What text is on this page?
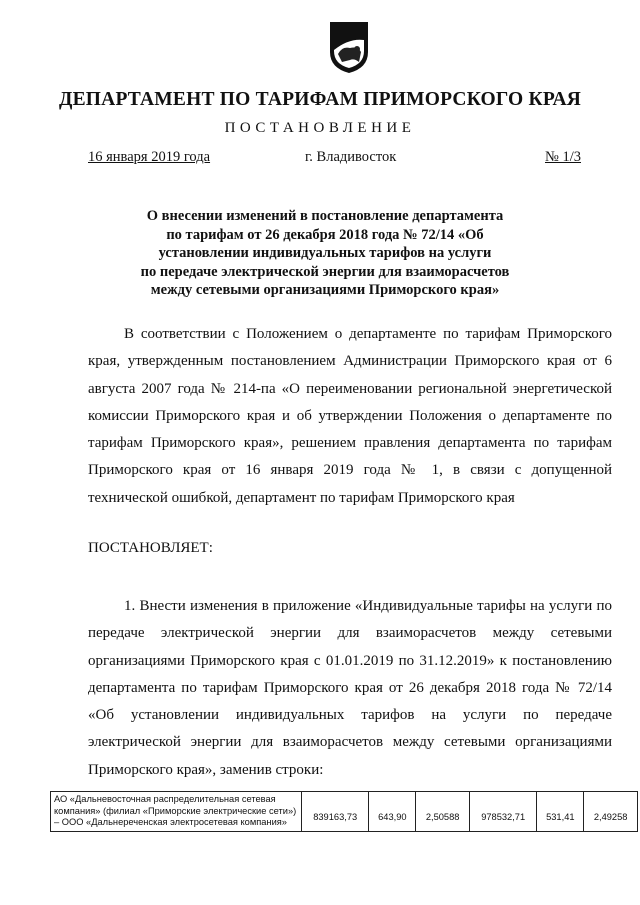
ДЕПАРТАМЕНТ ПО ТАРИФАМ ПРИМОРСКОГО КРАЯ
ПОСТАНОВЛЕНИЕ
16 января 2019 года	г. Владивосток	№ 1/3
О внесении изменений в постановление департамента
по тарифам от 26 декабря 2018 года № 72/14 «Об
установлении индивидуальных тарифов на услуги
по передаче электрической энергии для взаиморасчетов
между сетевыми организациями Приморского края»
В соответствии с Положением о департаменте по тарифам Приморского края, утвержденным постановлением Администрации Приморского края от 6 августа 2007 года № 214-па «О переименовании региональной энергетической комиссии Приморского края и об утверждении Положения о департаменте по тарифам Приморского края», решением правления департамента по тарифам Приморского края от 16 января 2019 года № 1, в связи с допущенной технической ошибкой, департамент по тарифам Приморского края
ПОСТАНОВЛЯЕТ:
1. Внести изменения в приложение «Индивидуальные тарифы на услуги по передаче электрической энергии для взаиморасчетов между сетевыми организациями Приморского края с 01.01.2019 по 31.12.2019» к постановлению департамента по тарифам Приморского края от 26 декабря 2018 года № 72/14 «Об установлении индивидуальных тарифов на услуги по передаче электрической энергии для взаиморасчетов между сетевыми организациями Приморского края», заменив строки:
АО «Дальневосточная распределительная сетевая компания» (филиал «Приморские электрические сети») – ООО «Дальнереченская электросетевая компания»	839163,73	643,90	2,50588	978532,71	531,41	2,49258
